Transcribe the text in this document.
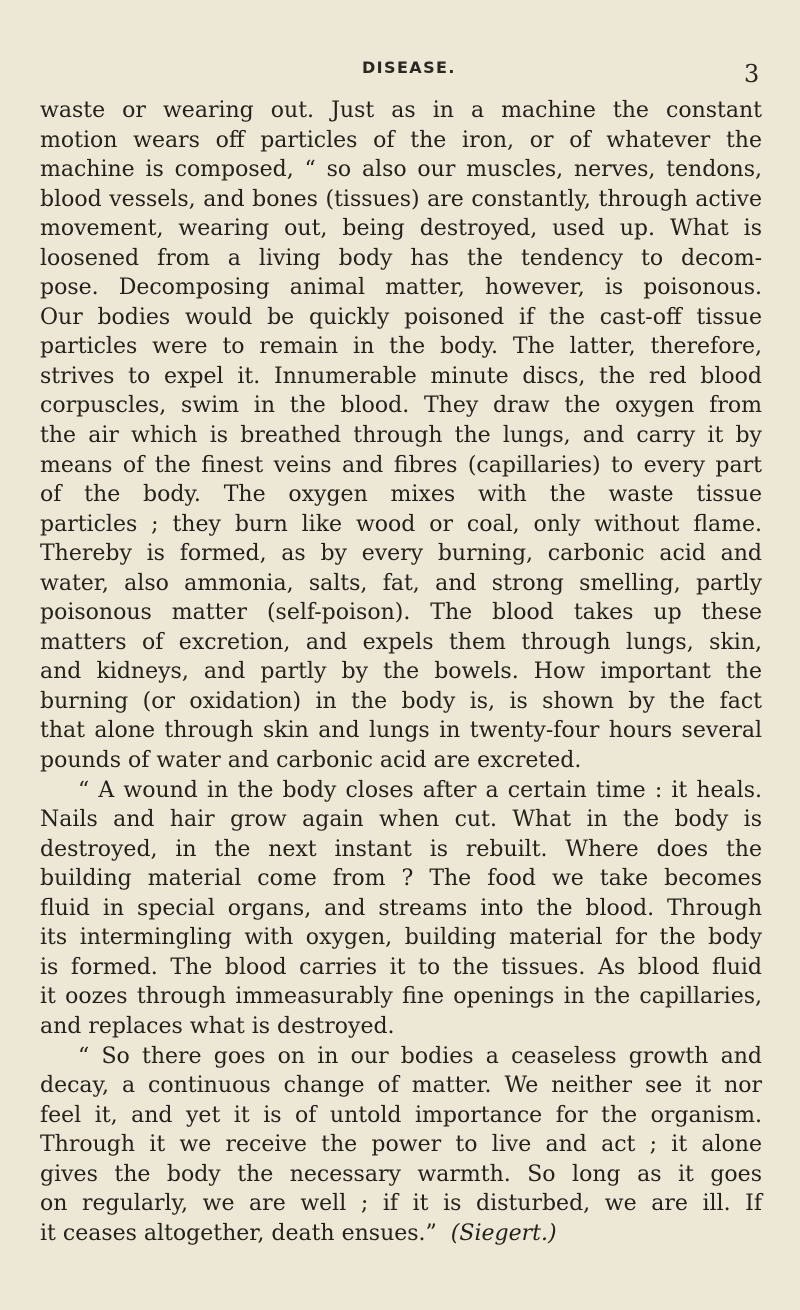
DISEASE.	3
waste or wearing out. Just as in a machine the constant
motion wears off particles of the iron, or of whatever the
machine is composed, “ so also our muscles, nerves, tendons,
blood vessels, and bones (tissues) are constantly, through active
movement, wearing out, being destroyed, used up. What is
loosened from a living body has the tendency to decom-
pose. Decomposing animal matter, however, is poisonous.
Our bodies would be quickly poisoned if the cast-off tissue
particles were to remain in the body. The latter, therefore,
strives to expel it. Innumerable minute discs, the red blood
corpuscles, swim in the blood. They draw the oxygen from
the air which is breathed through the lungs, and carry it by
means of the finest veins and fibres (capillaries) to every part
of the body. The oxygen mixes with the waste tissue
particles ; they burn like wood or coal, only without flame.
Thereby is formed, as by every burning, carbonic acid and
water, also ammonia, salts, fat, and strong smelling, partly
poisonous matter (self-poison). The blood takes up these
matters of excretion, and expels them through lungs, skin,
and kidneys, and partly by the bowels. How important the
burning (or oxidation) in the body is, is shown by the fact
that alone through skin and lungs in twenty-four hours several
pounds of water and carbonic acid are excreted.
“ A wound in the body closes after a certain time : it heals.
Nails and hair grow again when cut. What in the body is
destroyed, in the next instant is rebuilt. Where does the
building material come from ? The food we take becomes
fluid in special organs, and streams into the blood. Through
its intermingling with oxygen, building material for the body
is formed. The blood carries it to the tissues. As blood fluid
it oozes through immeasurably fine openings in the capillaries,
and replaces what is destroyed.
“ So there goes on in our bodies a ceaseless growth and
decay, a continuous change of matter. We neither see it nor
feel it, and yet it is of untold importance for the organism.
Through it we receive the power to live and act ; it alone
gives the body the necessary warmth. So long as it goes
on regularly, we are well ; if it is disturbed, we are ill. If
it ceases altogether, death ensues.” (Siegert.)
